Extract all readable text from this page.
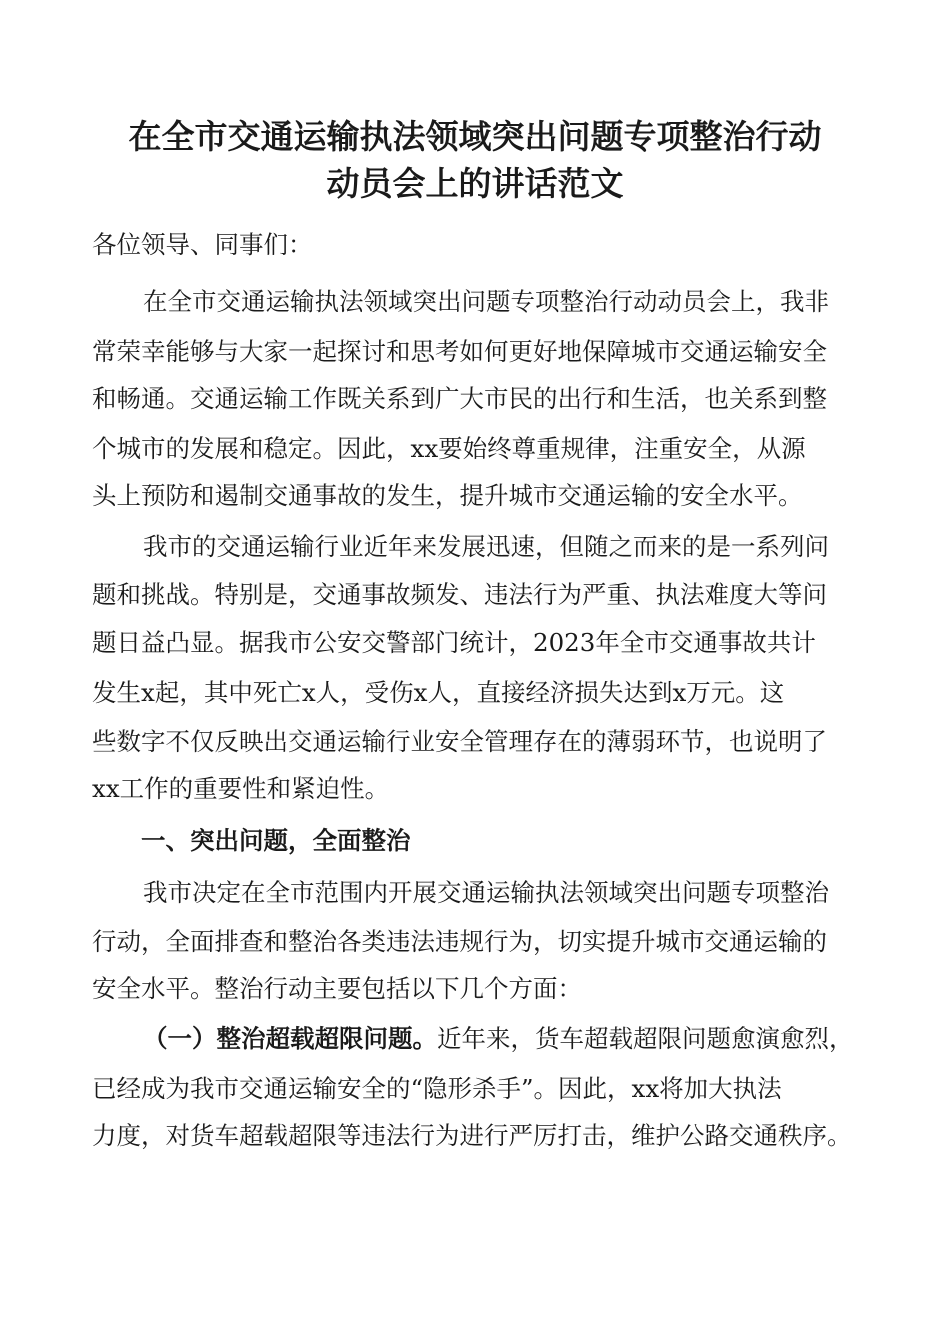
在全市交通运输执法领域突出问题专项整治行动
动员会上的讲话范文

各位领导、同事们：

在全市交通运输执法领域突出问题专项整治行动动员会上，我非

常荣幸能够与大家一起探讨和思考如何更好地保障城市交通运输安全

和畅通。交通运输工作既关系到广大市民的出行和生活，也关系到整

个城市的发展和稳定。因此，xx要始终尊重规律，注重安全，从源

头上预防和遏制交通事故的发生，提升城市交通运输的安全水平。

我市的交通运输行业近年来发展迅速，但随之而来的是一系列问

题和挑战。特别是，交通事故频发、违法行为严重、执法难度大等问

题日益凸显。据我市公安交警部门统计，2023年全市交通事故共计

发生x起，其中死亡x人，受伤x人，直接经济损失达到x万元。这

些数字不仅反映出交通运输行业安全管理存在的薄弱环节，也说明了

xx工作的重要性和紧迫性。

一、突出问题，全面整治

我市决定在全市范围内开展交通运输执法领域突出问题专项整治

行动，全面排查和整治各类违法违规行为，切实提升城市交通运输的

安全水平。整治行动主要包括以下几个方面：

（一）整治超载超限问题。近年来，货车超载超限问题愈演愈烈，

已经成为我市交通运输安全的“隐形杀手”。因此，xx将加大执法

力度，对货车超载超限等违法行为进行严厉打击，维护公路交通秩序。
